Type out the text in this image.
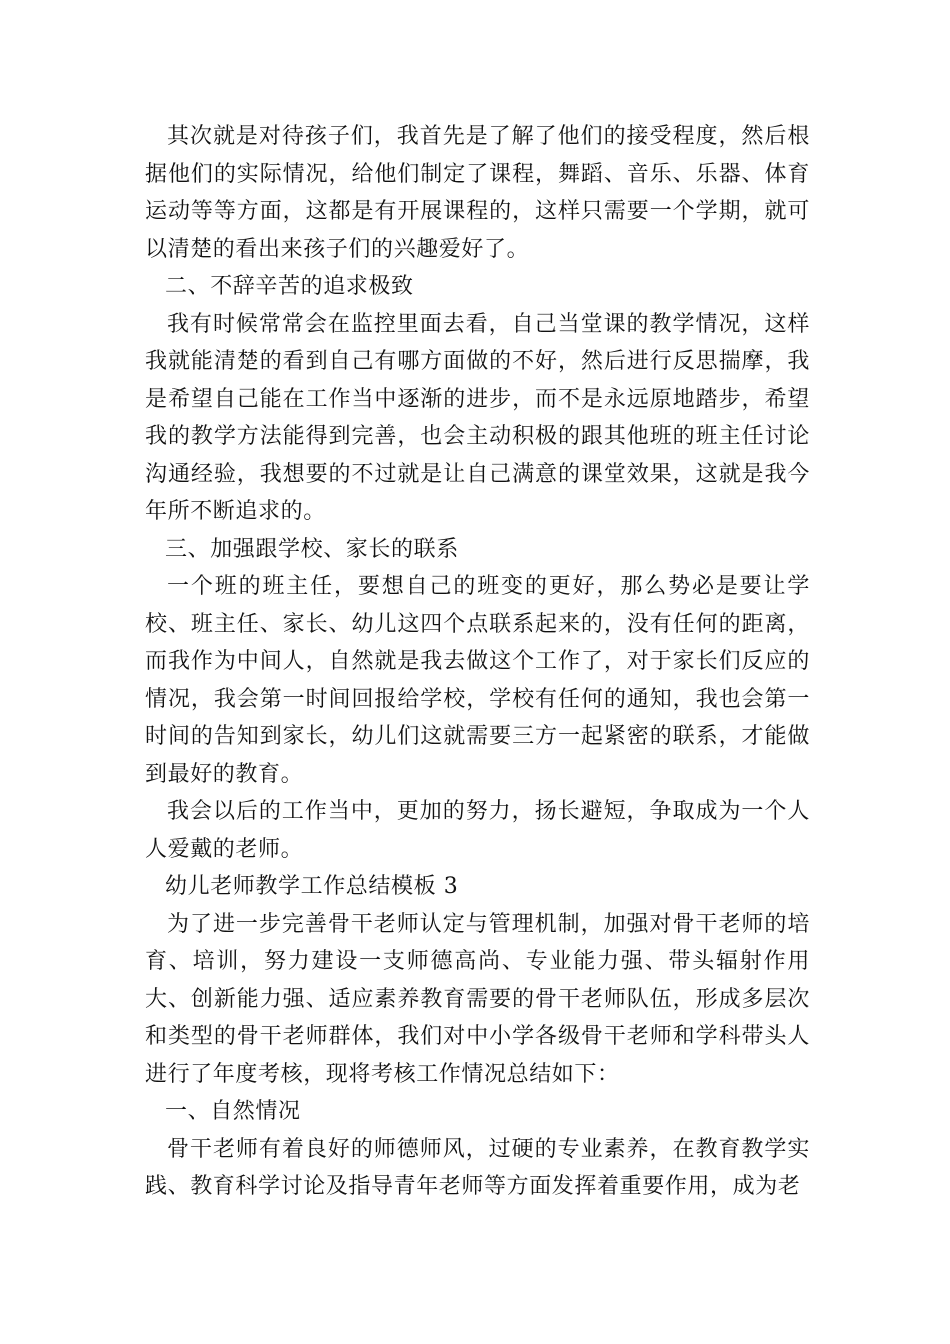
其次就是对待孩子们，我首先是了解了他们的接受程度，然后根据他们的实际情况，给他们制定了课程，舞蹈、音乐、乐器、体育运动等等方面，这都是有开展课程的，这样只需要一个学期，就可以清楚的看出来孩子们的兴趣爱好了。

二、不辞辛苦的追求极致

我有时候常常会在监控里面去看，自己当堂课的教学情况，这样我就能清楚的看到自己有哪方面做的不好，然后进行反思揣摩，我是希望自己能在工作当中逐渐的进步，而不是永远原地踏步，希望我的教学方法能得到完善，也会主动积极的跟其他班的班主任讨论沟通经验，我想要的不过就是让自己满意的课堂效果，这就是我今年所不断追求的。

三、加强跟学校、家长的联系

一个班的班主任，要想自己的班变的更好，那么势必是要让学校、班主任、家长、幼儿这四个点联系起来的，没有任何的距离，而我作为中间人，自然就是我去做这个工作了，对于家长们反应的情况，我会第一时间回报给学校，学校有任何的通知，我也会第一时间的告知到家长，幼儿们这就需要三方一起紧密的联系，才能做到最好的教育。

我会以后的工作当中，更加的努力，扬长避短，争取成为一个人人爱戴的老师。

幼儿老师教学工作总结模板 3

为了进一步完善骨干老师认定与管理机制，加强对骨干老师的培育、培训，努力建设一支师德高尚、专业能力强、带头辐射作用大、创新能力强、适应素养教育需要的骨干老师队伍，形成多层次和类型的骨干老师群体，我们对中小学各级骨干老师和学科带头人进行了年度考核，现将考核工作情况总结如下：

一、自然情况

骨干老师有着良好的师德师风，过硬的专业素养，在教育教学实践、教育科学讨论及指导青年老师等方面发挥着重要作用，成为老
